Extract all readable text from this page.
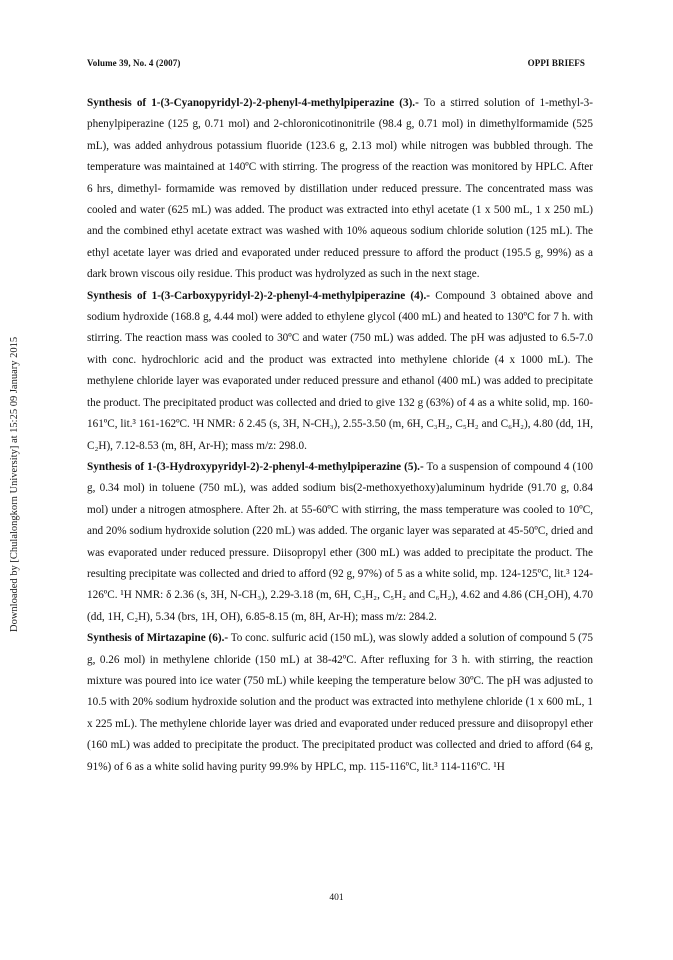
Volume 39, No. 4 (2007)	OPPI BRIEFS
Downloaded by [Chulalongkorn University] at 15:25 09 January 2015

Synthesis of 1-(3-Cyanopyridyl-2)-2-phenyl-4-methylpiperazine (3).- To a stirred solution of 1-methyl-3-phenylpiperazine (125 g, 0.71 mol) and 2-chloronicotinonitrile (98.4 g, 0.71 mol) in dimethylformamide (525 mL), was added anhydrous potassium fluoride (123.6 g, 2.13 mol) while nitrogen was bubbled through. The temperature was maintained at 140ºC with stirring. The progress of the reaction was monitored by HPLC. After 6 hrs, dimethyl- formamide was removed by distillation under reduced pressure. The concentrated mass was cooled and water (625 mL) was added. The product was extracted into ethyl acetate (1 x 500 mL, 1 x 250 mL) and the combined ethyl acetate extract was washed with 10% aqueous sodium chloride solution (125 mL). The ethyl acetate layer was dried and evaporated under reduced pressure to afford the product (195.5 g, 99%) as a dark brown viscous oily residue. This product was hydrolyzed as such in the next stage.

Synthesis of 1-(3-Carboxypyridyl-2)-2-phenyl-4-methylpiperazine (4).- Compound 3 obtained above and sodium hydroxide (168.8 g, 4.44 mol) were added to ethylene glycol (400 mL) and heated to 130ºC for 7 h. with stirring. The reaction mass was cooled to 30ºC and water (750 mL) was added. The pH was adjusted to 6.5-7.0 with conc. hydrochloric acid and the product was extracted into methylene chloride (4 x 1000 mL). The methylene chloride layer was evaporated under reduced pressure and ethanol (400 mL) was added to precipitate the product. The precipitated product was collected and dried to give 132 g (63%) of 4 as a white solid, mp. 160-161ºC, lit.³ 161-162ºC. ¹H NMR: δ 2.45 (s, 3H, N-CH₃), 2.55-3.50 (m, 6H, C₃H₂, C₅H₂ and C₆H₂), 4.80 (dd, 1H, C₂H), 7.12-8.53 (m, 8H, Ar-H); mass m/z: 298.0.

Synthesis of 1-(3-Hydroxypyridyl-2)-2-phenyl-4-methylpiperazine (5).- To a suspension of compound 4 (100 g, 0.34 mol) in toluene (750 mL), was added sodium bis(2-methoxyethoxy)aluminum hydride (91.70 g, 0.84 mol) under a nitrogen atmosphere. After 2h. at 55-60ºC with stirring, the mass temperature was cooled to 10ºC, and 20% sodium hydroxide solution (220 mL) was added. The organic layer was separated at 45-50ºC, dried and was evaporated under reduced pressure. Diisopropyl ether (300 mL) was added to precipitate the product. The resulting precipitate was collected and dried to afford (92 g, 97%) of 5 as a white solid, mp. 124-125ºC, lit.³ 124-126ºC. ¹H NMR: δ 2.36 (s, 3H, N-CH₃), 2.29-3.18 (m, 6H, C₃H₂, C₅H₂ and C₆H₂), 4.62 and 4.86 (CH₂OH), 4.70 (dd, 1H, C₂H), 5.34 (brs, 1H, OH), 6.85-8.15 (m, 8H, Ar-H); mass m/z: 284.2.

Synthesis of Mirtazapine (6).- To conc. sulfuric acid (150 mL), was slowly added a solution of compound 5 (75 g, 0.26 mol) in methylene chloride (150 mL) at 38-42ºC. After refluxing for 3 h. with stirring, the reaction mixture was poured into ice water (750 mL) while keeping the temperature below 30ºC. The pH was adjusted to 10.5 with 20% sodium hydroxide solution and the product was extracted into methylene chloride (1 x 600 mL, 1 x 225 mL). The methylene chloride layer was dried and evaporated under reduced pressure and diisopropyl ether (160 mL) was added to precipitate the product. The precipitated product was collected and dried to afford (64 g, 91%) of 6 as a white solid having purity 99.9% by HPLC, mp. 115-116ºC, lit.³ 114-116ºC. ¹H

401
